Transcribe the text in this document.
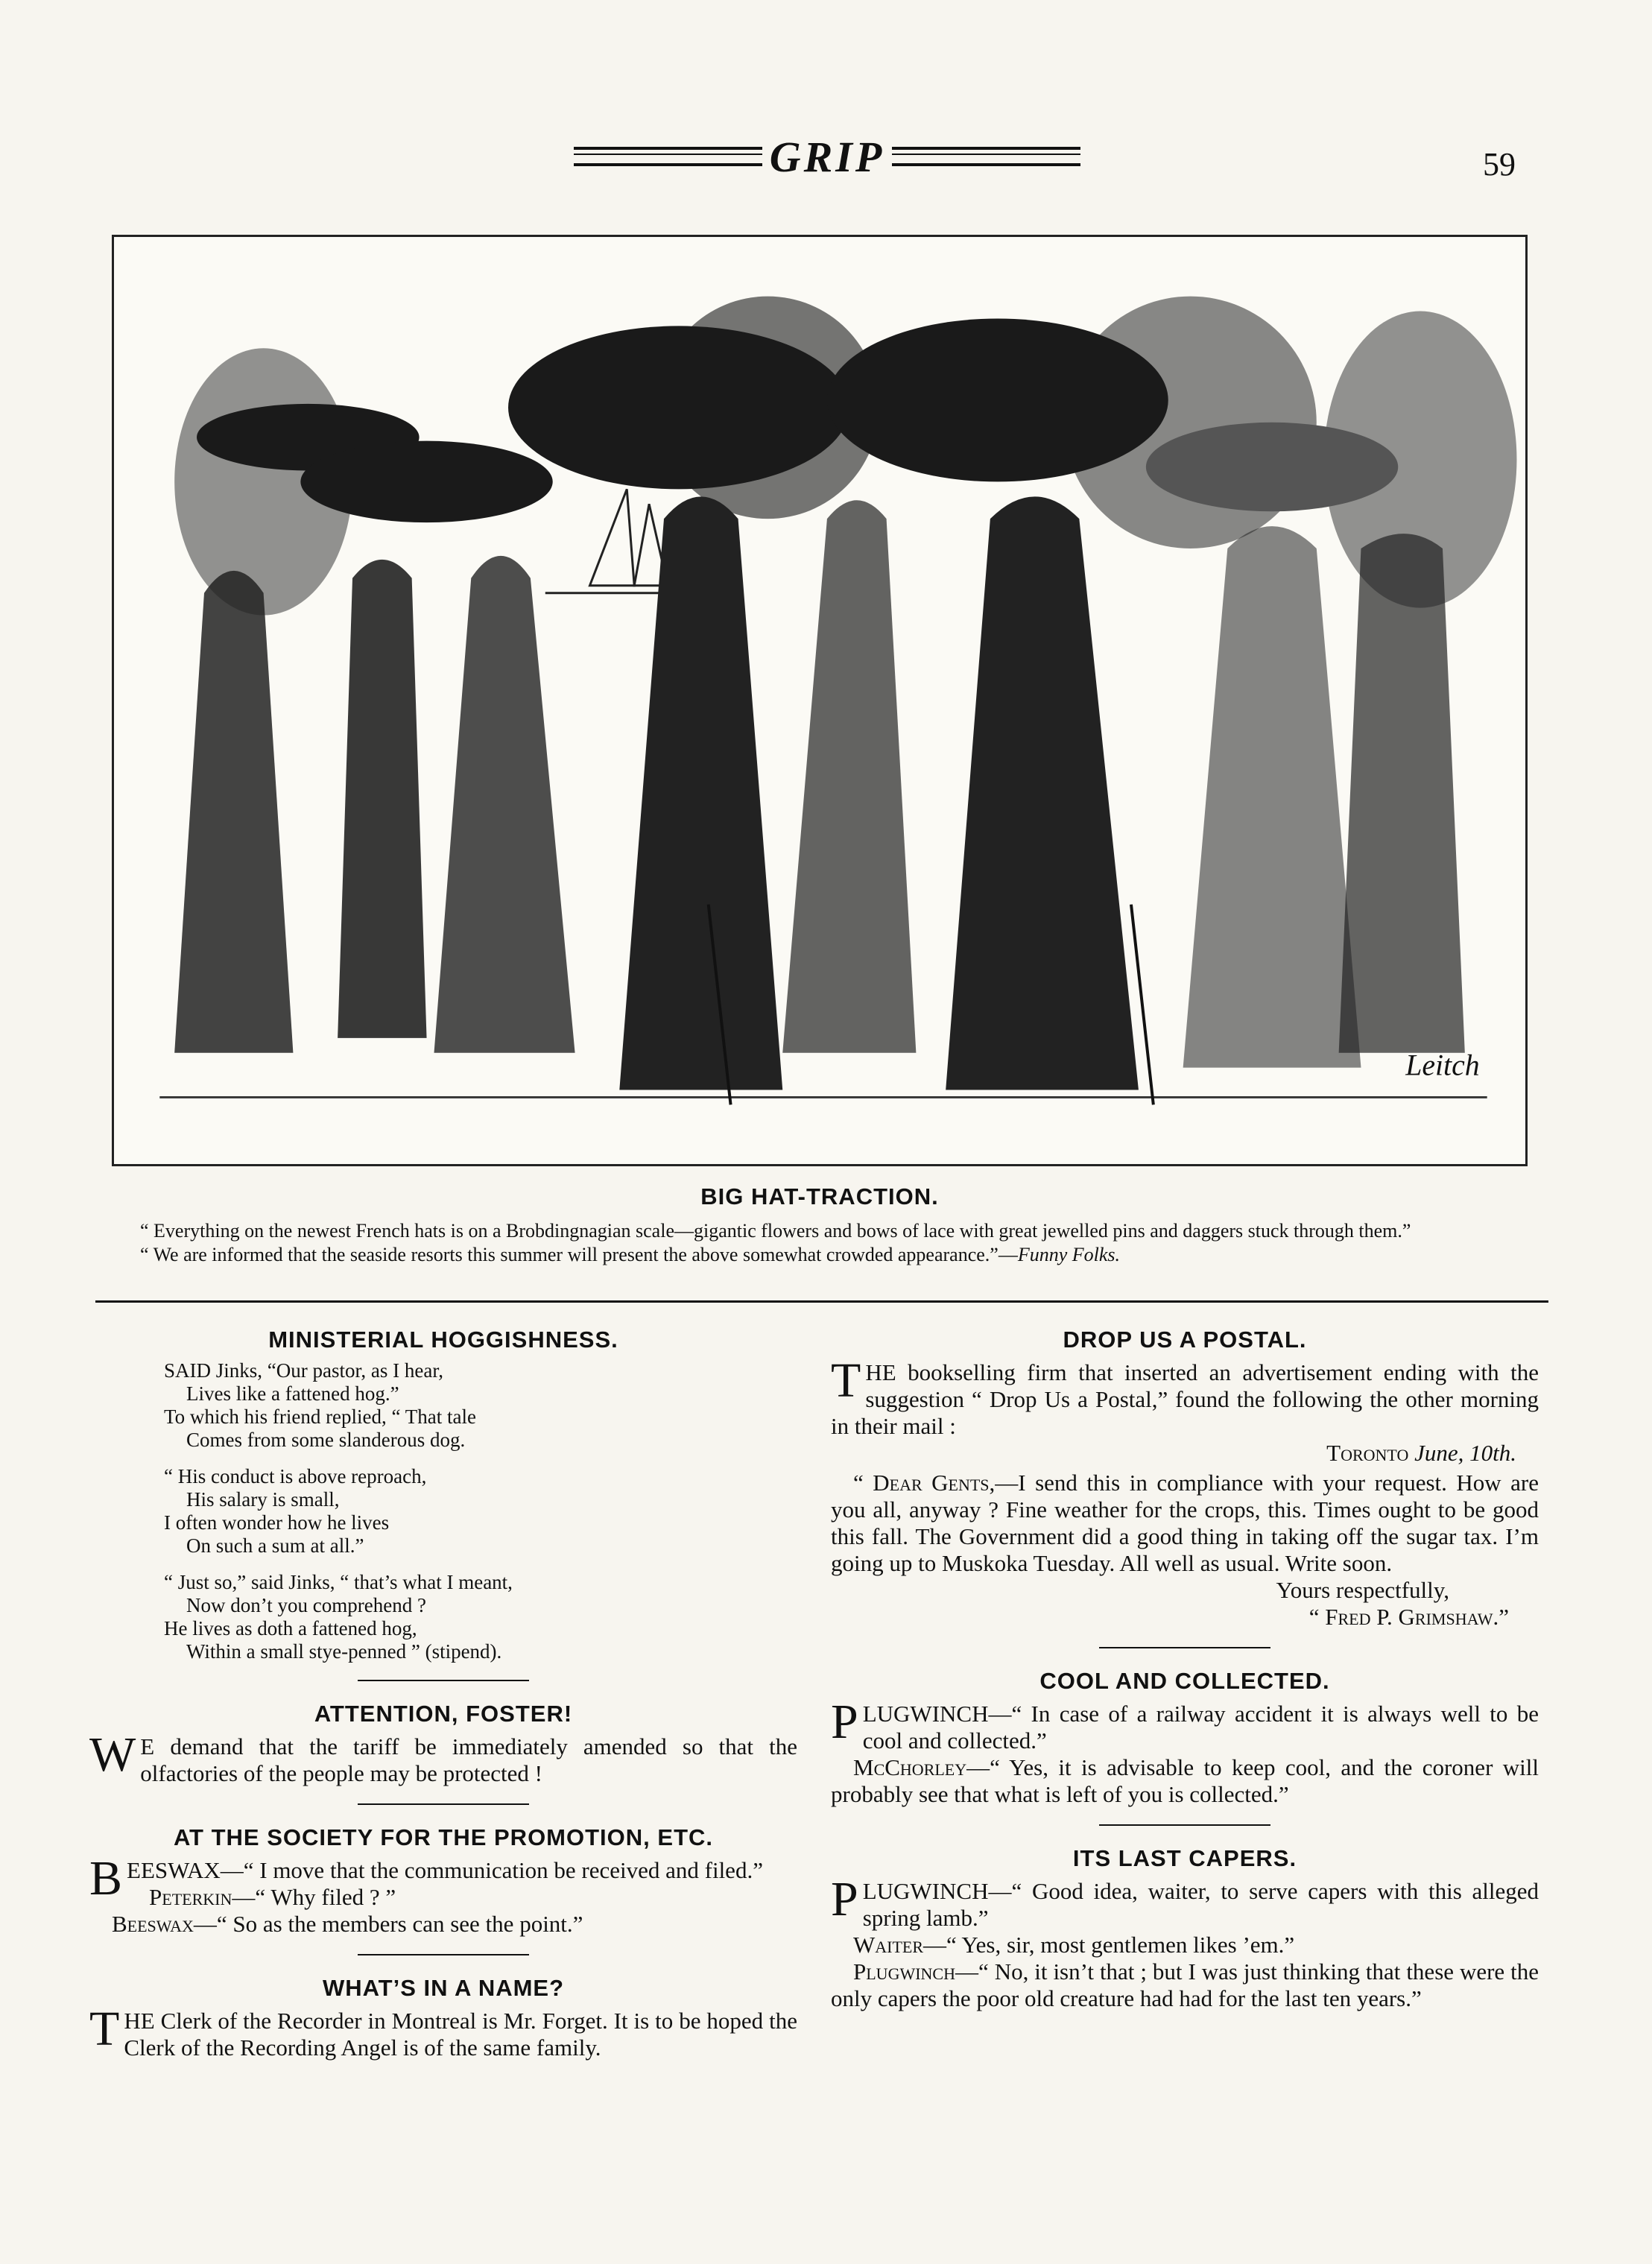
GRIP	59
Leitch
BIG HAT-TRACTION.

“ Everything on the newest French hats is on a Brobdingnagian scale—gigantic flowers and bows of lace with great jewelled pins and daggers stuck through them.”

“ We are informed that the seaside resorts this summer will present the above somewhat crowded appearance.”—Funny Folks.

MINISTERIAL HOGGISHNESS.
SAID Jinks, “Our pastor, as I hear,
Lives like a fattened hog.”
To which his friend replied, “ That tale
Comes from some slanderous dog.
“ His conduct is above reproach,
His salary is small,
I often wonder how he lives
On such a sum at all.”
“ Just so,” said Jinks, “ that’s what I meant,
Now don’t you comprehend ?
He lives as doth a fattened hog,
Within a small stye-penned ” (stipend).
ATTENTION, FOSTER!

W E demand that the tariff be immediately amended so that the olfactories of the people may be protected !

AT THE SOCIETY FOR THE PROMOTION, ETC.

BEESWAX—“ I move that the communication be received and filed.”

Peterkin—“ Why filed ? ”

Beeswax—“ So as the members can see the point.”

WHAT’S IN A NAME?

THE Clerk of the Recorder in Montreal is Mr. Forget. It is to be hoped the Clerk of the Recording Angel is of the same family.

DROP US A POSTAL.

THE bookselling firm that inserted an advertisement ending with the suggestion “ Drop Us a Postal,” found the following the other morning in their mail :

Toronto June, 10th.

“ Dear Gents,—I send this in compliance with your request. How are you all, anyway ? Fine weather for the crops, this. Times ought to be good this fall. The Government did a good thing in taking off the sugar tax. I’m going up to Muskoka Tuesday. All well as usual. Write soon.

Yours respectfully,

“ Fred P. Grimshaw.”

COOL AND COLLECTED.

PLUGWINCH—“ In case of a railway accident it is always well to be cool and collected.”

McChorley—“ Yes, it is advisable to keep cool, and the coroner will probably see that what is left of you is collected.”

ITS LAST CAPERS.

PLUGWINCH—“ Good idea, waiter, to serve capers with this alleged spring lamb.”

Waiter—“ Yes, sir, most gentlemen likes ’em.”

Plugwinch—“ No, it isn’t that ; but I was just thinking that these were the only capers the poor old creature had had for the last ten years.”
